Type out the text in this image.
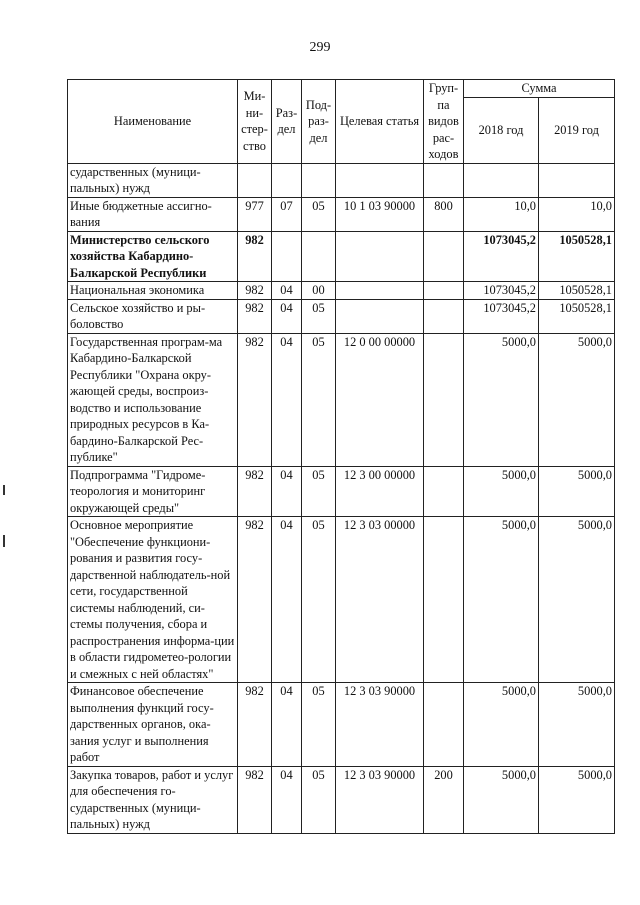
299
Наименование	Ми-ни-стер-ство	Раз-дел	Под-раз-дел	Целевая статья	Груп-па видов рас-ходов	Сумма	
						2018 год	2019 год
сударственных (муници-пальных) нужд							
Иные бюджетные ассигно-вания	977	07	05	10 1 03 90000	800	10,0	10,0
Министерство сельского хозяйства Кабардино-Балкарской Республики	982					1073045,2	1050528,1
Национальная экономика	982	04	00			1073045,2	1050528,1
Сельское хозяйство и ры-боловство	982	04	05			1073045,2	1050528,1
Государственная програм-ма Кабардино-Балкарской Республики "Охрана окру-жающей среды, воспроиз-водство и использование природных ресурсов в Ка-бардино-Балкарской Рес-публике"	982	04	05	12 0 00 00000		5000,0	5000,0
Подпрограмма "Гидроме-теорология и мониторинг окружающей среды"	982	04	05	12 3 00 00000		5000,0	5000,0
Основное мероприятие "Обеспечение функциони-рования и развития госу-дарственной наблюдатель-ной сети, государственной системы наблюдений, си-стемы получения, сбора и распространения информа-ции в области гидрометео-рологии и смежных с ней областях"	982	04	05	12 3 03 00000		5000,0	5000,0
Финансовое обеспечение выполнения функций госу-дарственных органов, ока-зания услуг и выполнения работ	982	04	05	12 3 03 90000		5000,0	5000,0
Закупка товаров, работ и услуг для обеспечения го-сударственных (муници-пальных) нужд	982	04	05	12 3 03 90000	200	5000,0	5000,0
